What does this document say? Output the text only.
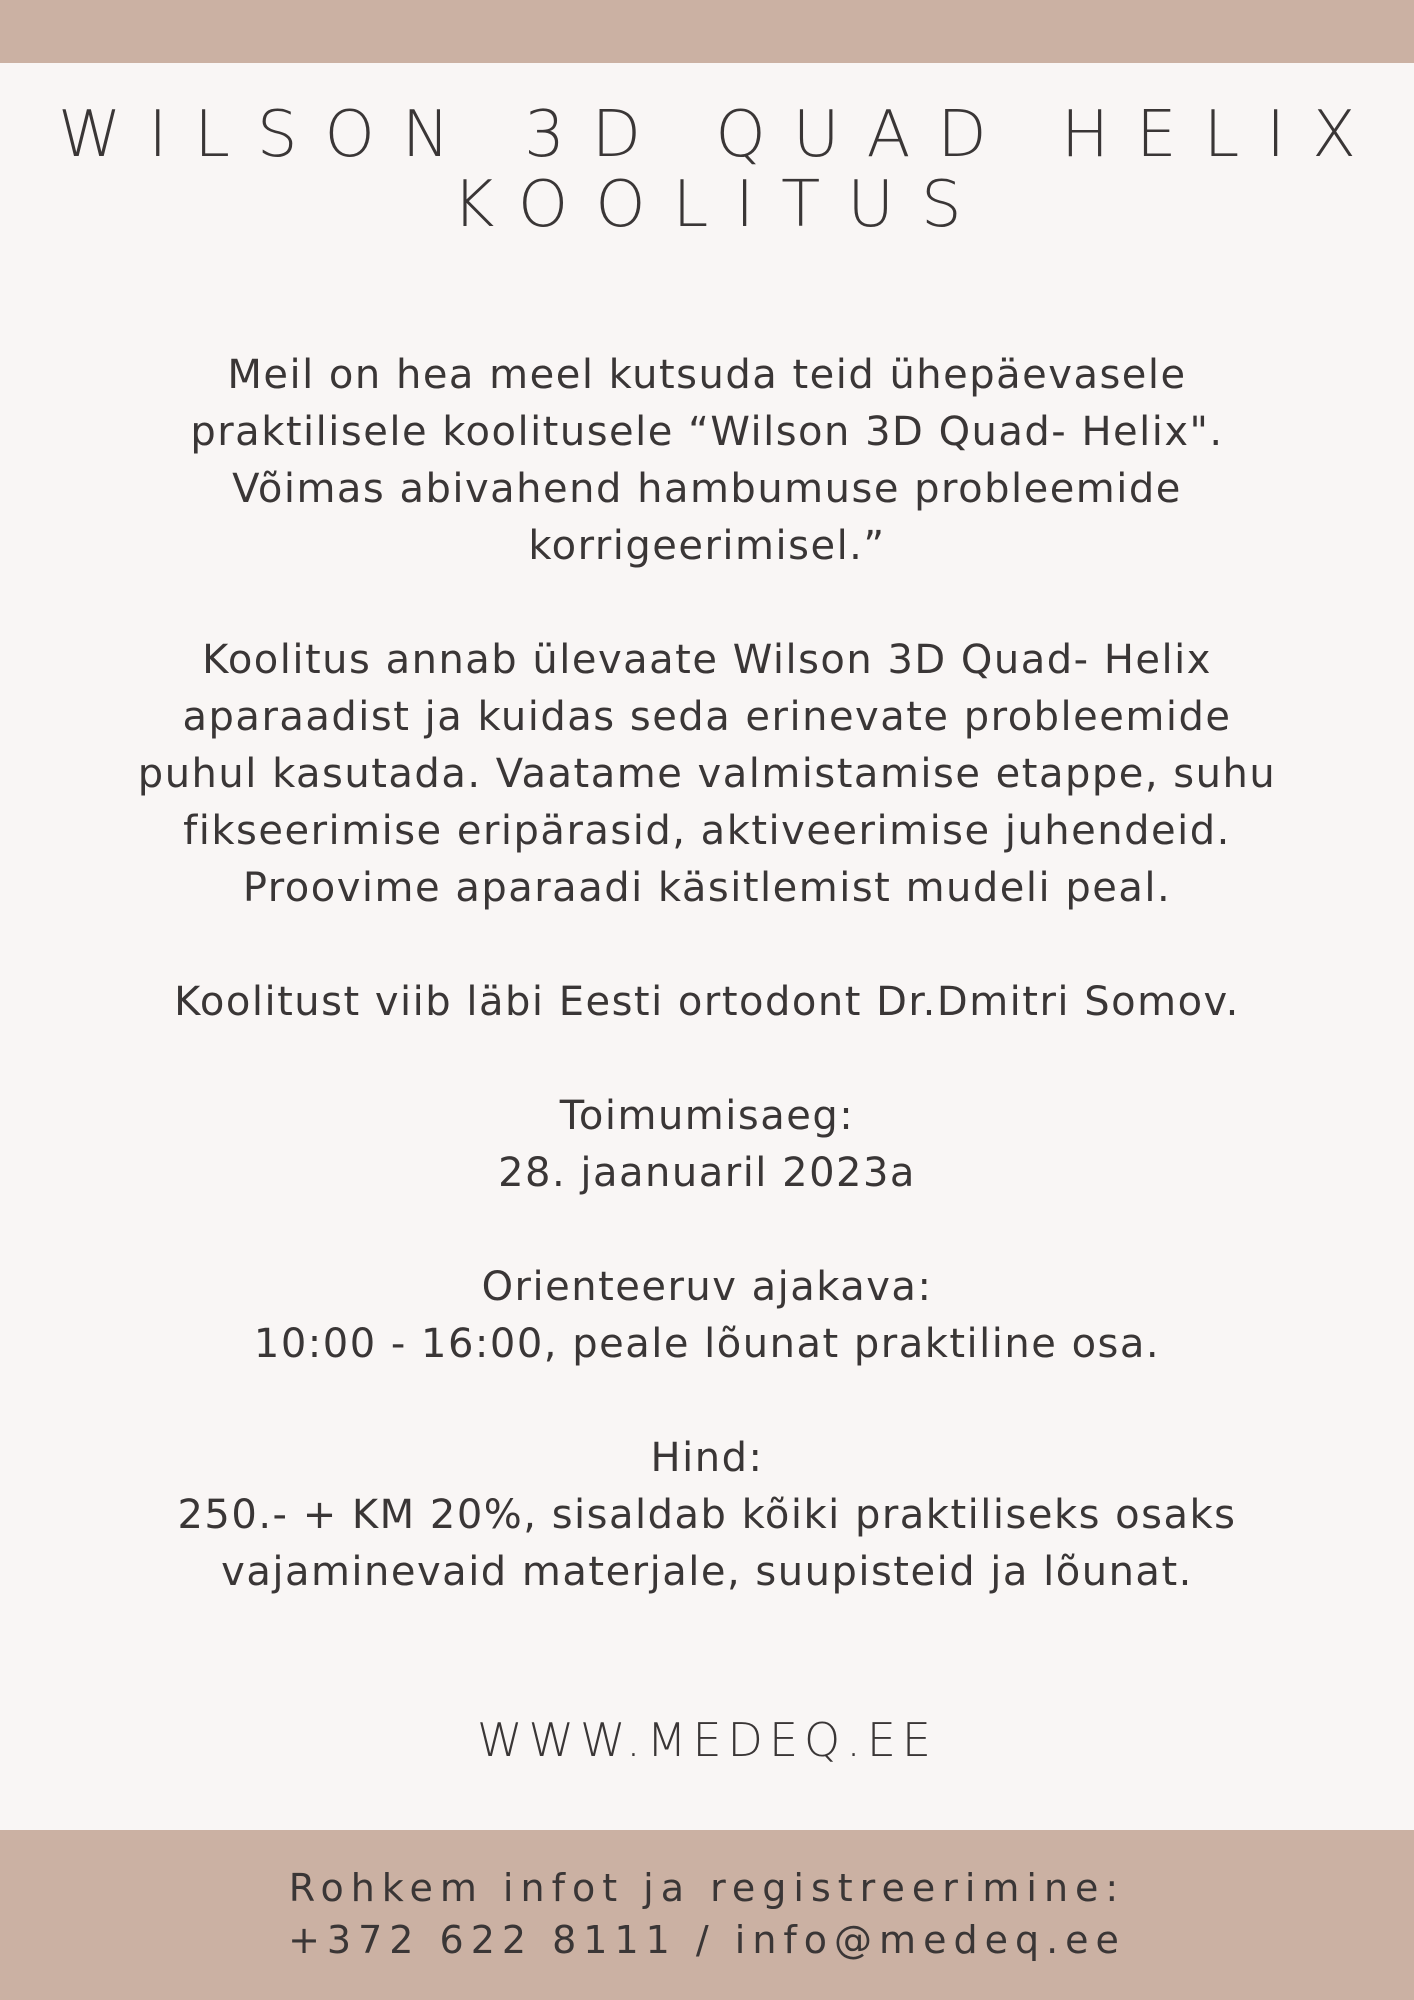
WILSON 3D QUAD HELIX
KOOLITUS

Meil on hea meel kutsuda teid ühepäevasele
praktilisele koolitusele “Wilson 3D Quad- Helix".
Võimas abivahend hambumuse probleemide
korrigeerimisel.”

Koolitus annab ülevaate Wilson 3D Quad- Helix
aparaadist ja kuidas seda erinevate probleemide
puhul kasutada. Vaatame valmistamise etappe, suhu
fikseerimise eripärasid, aktiveerimise juhendeid.
Proovime aparaadi käsitlemist mudeli peal.

Koolitust viib läbi Eesti ortodont Dr.Dmitri Somov.

Toimumisaeg:
28. jaanuaril 2023a

Orienteeruv ajakava:
10:00 - 16:00, peale lõunat praktiline osa.

Hind:
250.- + KM 20%, sisaldab kõiki praktiliseks osaks
vajaminevaid materjale, suupisteid ja lõunat.

WWW.MEDEQ.EE
Rohkem infot ja registreerimine:
+372 622 8111 / info@medeq.ee
